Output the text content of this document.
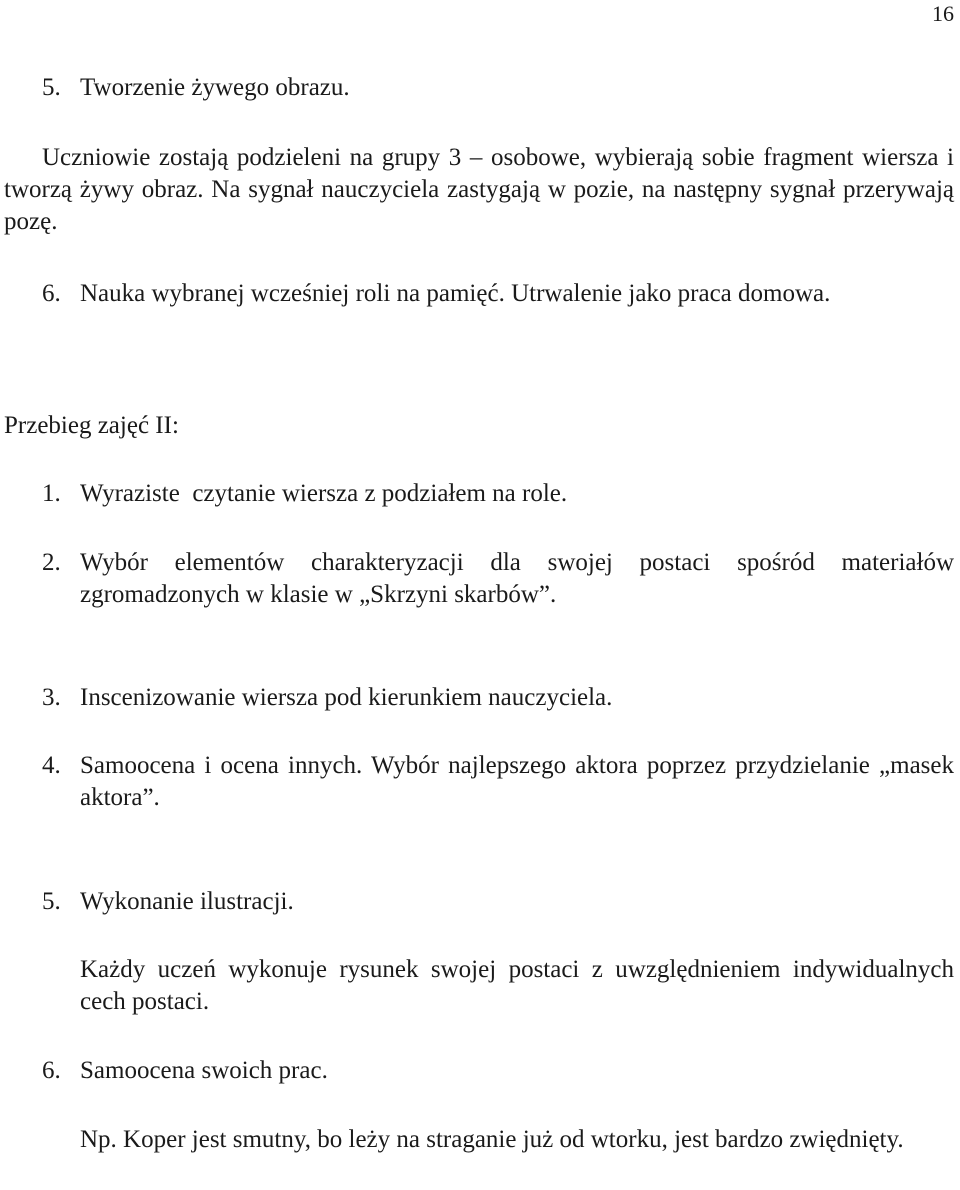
16
5. Tworzenie żywego obrazu.
Uczniowie zostają podzieleni na grupy 3 – osobowe, wybierają sobie fragment wiersza i tworzą żywy obraz. Na sygnał nauczyciela zastygają w pozie, na następny sygnał przerywają pozę.
6. Nauka wybranej wcześniej roli na pamięć. Utrwalenie jako praca domowa.
Przebieg zajęć II:
1. Wyraziste  czytanie wiersza z podziałem na role.
2. Wybór elementów charakteryzacji dla swojej postaci spośród materiałów zgromadzonych w klasie w „Skrzyni skarbów”.
3. Inscenizowanie wiersza pod kierunkiem nauczyciela.
4. Samoocena i ocena innych. Wybór najlepszego aktora poprzez przydzielanie „masek aktora”.
5. Wykonanie ilustracji.
Każdy uczeń wykonuje rysunek swojej postaci z uwzględnieniem indywidualnych cech postaci.
6. Samoocena swoich prac.
Np. Koper jest smutny, bo leży na straganie już od wtorku, jest bardzo zwiędnięty.
